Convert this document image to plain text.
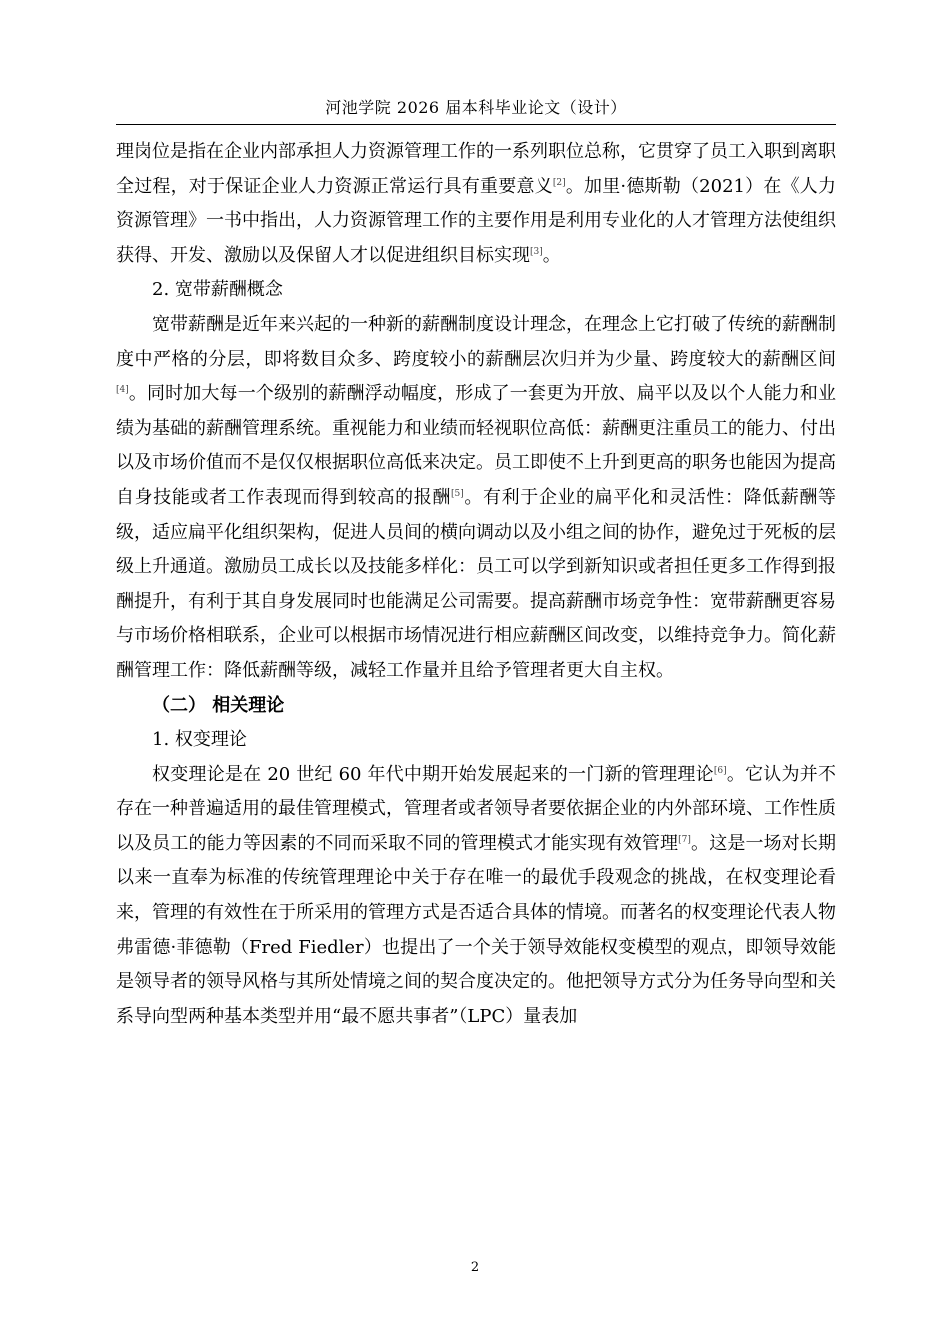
河池学院 2026 届本科毕业论文（设计）

理岗位是指在企业内部承担人力资源管理工作的一系列职位总称，它贯穿了员工入职到离职全过程，对于保证企业人力资源正常运行具有重要意义[2]。加里·德斯勒（2021）在《人力资源管理》一书中指出，人力资源管理工作的主要作用是利用专业化的人才管理方法使组织获得、开发、激励以及保留人才以促进组织目标实现[3]。

2. 宽带薪酬概念

宽带薪酬是近年来兴起的一种新的薪酬制度设计理念，在理念上它打破了传统的薪酬制度中严格的分层，即将数目众多、跨度较小的薪酬层次归并为少量、跨度较大的薪酬区间[4]。同时加大每一个级别的薪酬浮动幅度，形成了一套更为开放、扁平以及以个人能力和业绩为基础的薪酬管理系统。重视能力和业绩而轻视职位高低：薪酬更注重员工的能力、付出以及市场价值而不是仅仅根据职位高低来决定。员工即使不上升到更高的职务也能因为提高自身技能或者工作表现而得到较高的报酬[5]。有利于企业的扁平化和灵活性：降低薪酬等级，适应扁平化组织架构，促进人员间的横向调动以及小组之间的协作，避免过于死板的层级上升通道。激励员工成长以及技能多样化：员工可以学到新知识或者担任更多工作得到报酬提升，有利于其自身发展同时也能满足公司需要。提高薪酬市场竞争性：宽带薪酬更容易与市场价格相联系，企业可以根据市场情况进行相应薪酬区间改变，以维持竞争力。简化薪酬管理工作：降低薪酬等级，减轻工作量并且给予管理者更大自主权。

（二） 相关理论

1. 权变理论

权变理论是在 20 世纪 60 年代中期开始发展起来的一门新的管理理论[6]。它认为并不存在一种普遍适用的最佳管理模式，管理者或者领导者要依据企业的内外部环境、工作性质以及员工的能力等因素的不同而采取不同的管理模式才能实现有效管理[7]。这是一场对长期以来一直奉为标准的传统管理理论中关于存在唯一的最优手段观念的挑战，在权变理论看来，管理的有效性在于所采用的管理方式是否适合具体的情境。而著名的权变理论代表人物弗雷德·菲德勒（Fred Fiedler）也提出了一个关于领导效能权变模型的观点，即领导效能是领导者的领导风格与其所处情境之间的契合度决定的。他把领导方式分为任务导向型和关系导向型两种基本类型并用“最不愿共事者”（LPC）量表加

2
